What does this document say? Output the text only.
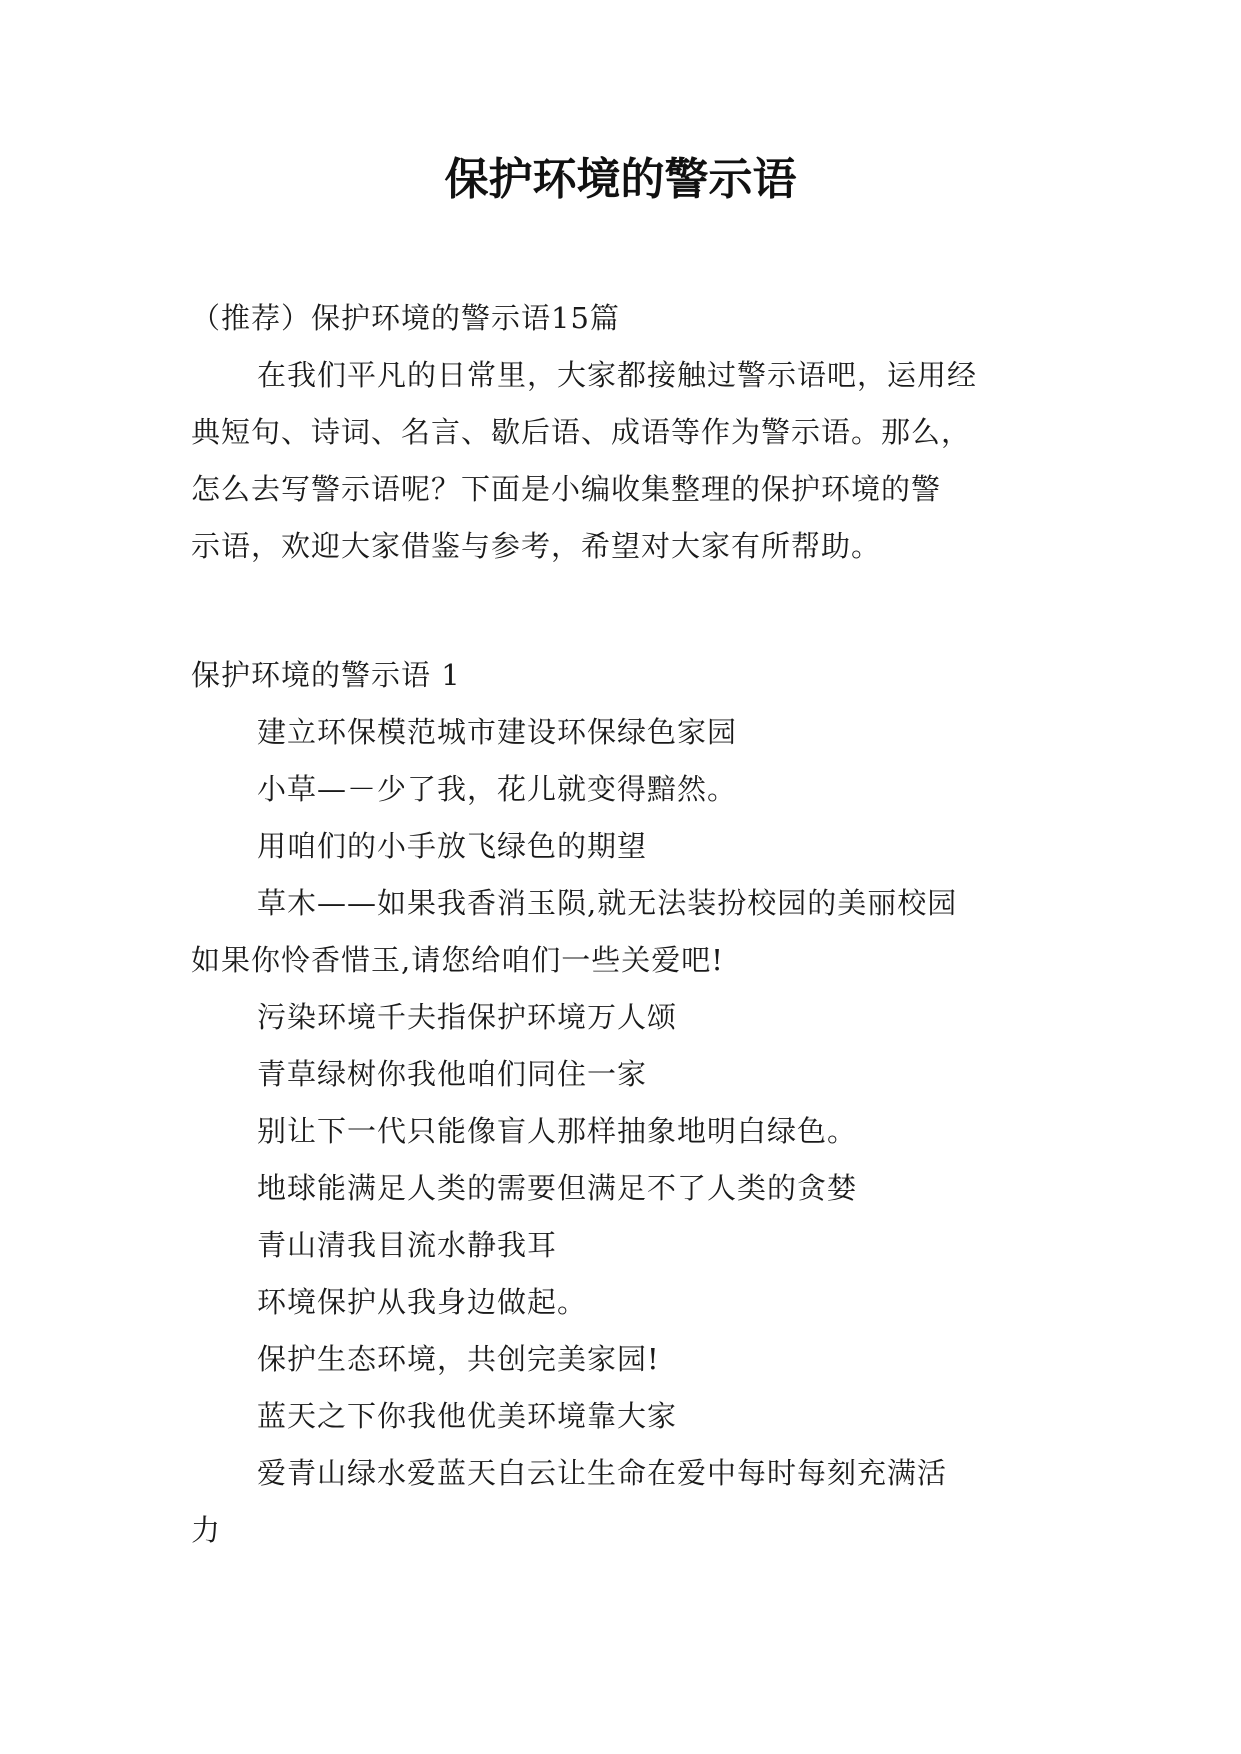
保护环境的警示语
（推荐）保护环境的警示语15篇
在我们平凡的日常里，大家都接触过警示语吧，运用经
典短句、诗词、名言、歇后语、成语等作为警示语。那么，
怎么去写警示语呢？下面是小编收集整理的保护环境的警
示语，欢迎大家借鉴与参考，希望对大家有所帮助。
保护环境的警示语 1
建立环保模范城市建设环保绿色家园
小草—－少了我，花儿就变得黯然。
用咱们的小手放飞绿色的期望
草木——如果我香消玉陨,就无法装扮校园的美丽校园
如果你怜香惜玉,请您给咱们一些关爱吧!
污染环境千夫指保护环境万人颂
青草绿树你我他咱们同住一家
别让下一代只能像盲人那样抽象地明白绿色。
地球能满足人类的需要但满足不了人类的贪婪
青山清我目流水静我耳
环境保护从我身边做起。
保护生态环境，共创完美家园!
蓝天之下你我他优美环境靠大家
爱青山绿水爱蓝天白云让生命在爱中每时每刻充满活
力
